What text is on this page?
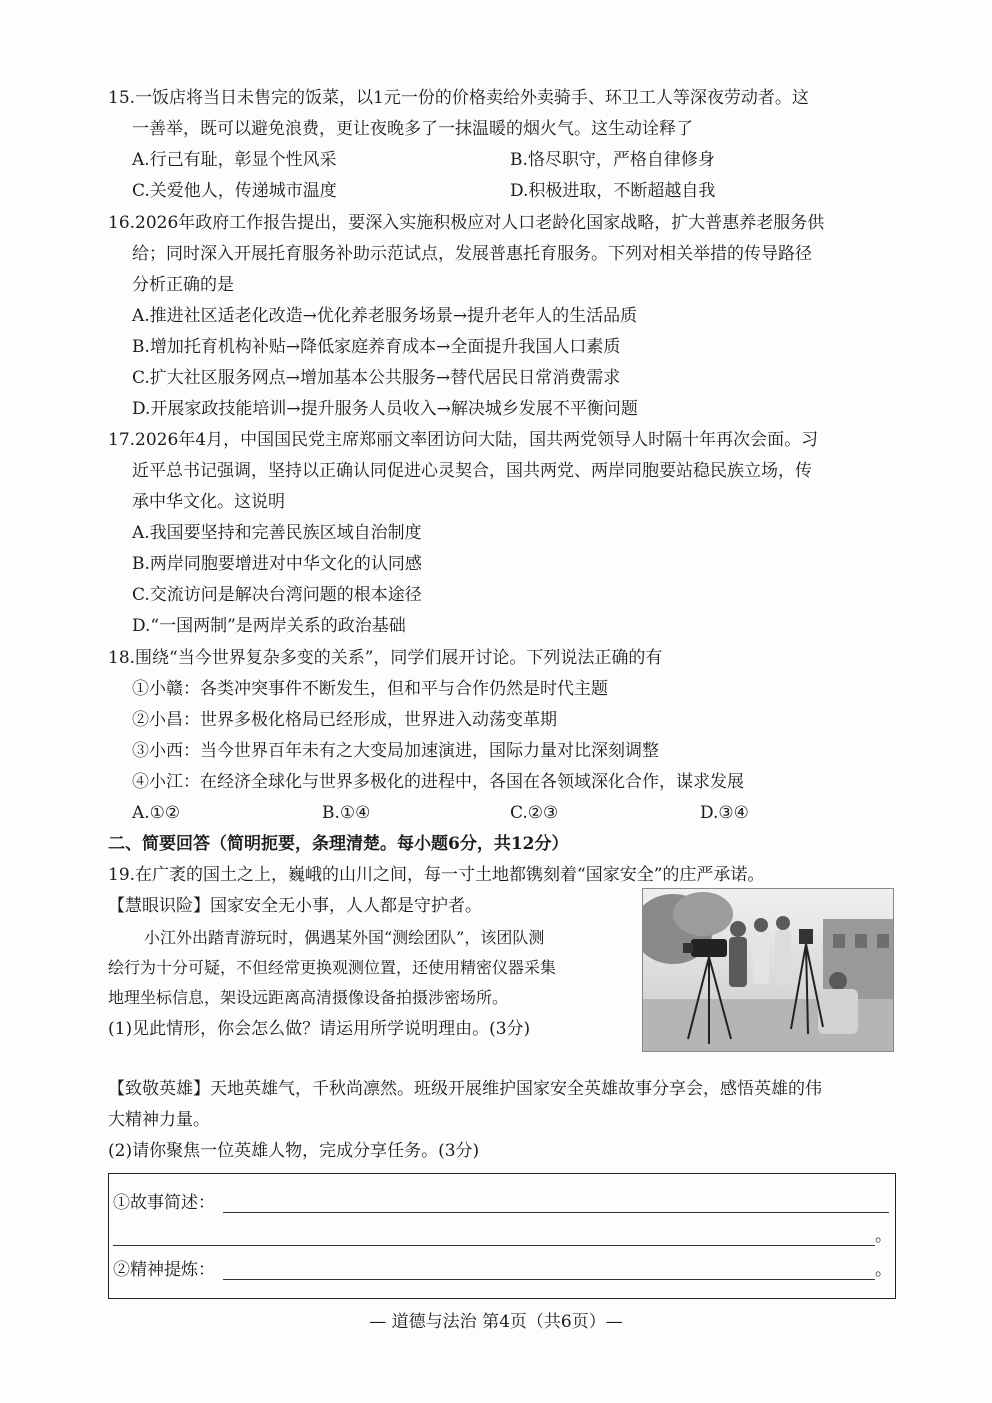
15.一饭店将当日未售完的饭菜，以1元一份的价格卖给外卖骑手、环卫工人等深夜劳动者。这
一善举，既可以避免浪费，更让夜晚多了一抹温暖的烟火气。这生动诠释了
A.行己有耻，彰显个性风采	B.恪尽职守，严格自律修身
C.关爱他人，传递城市温度	D.积极进取，不断超越自我
16.2026年政府工作报告提出，要深入实施积极应对人口老龄化国家战略，扩大普惠养老服务供
给；同时深入开展托育服务补助示范试点，发展普惠托育服务。下列对相关举措的传导路径
分析正确的是
A.推进社区适老化改造→优化养老服务场景→提升老年人的生活品质
B.增加托育机构补贴→降低家庭养育成本→全面提升我国人口素质
C.扩大社区服务网点→增加基本公共服务→替代居民日常消费需求
D.开展家政技能培训→提升服务人员收入→解决城乡发展不平衡问题
17.2026年4月，中国国民党主席郑丽文率团访问大陆，国共两党领导人时隔十年再次会面。习
近平总书记强调，坚持以正确认同促进心灵契合，国共两党、两岸同胞要站稳民族立场，传
承中华文化。这说明
A.我国要坚持和完善民族区域自治制度
B.两岸同胞要增进对中华文化的认同感
C.交流访问是解决台湾问题的根本途径
D.“一国两制”是两岸关系的政治基础
18.围绕“当今世界复杂多变的关系”，同学们展开讨论。下列说法正确的有
①小赣：各类冲突事件不断发生，但和平与合作仍然是时代主题
②小昌：世界多极化格局已经形成，世界进入动荡变革期
③小西：当今世界百年未有之大变局加速演进，国际力量对比深刻调整
④小江：在经济全球化与世界多极化的进程中，各国在各领域深化合作，谋求发展
A.①②	B.①④	C.②③	D.③④
二、简要回答（简明扼要，条理清楚。每小题6分，共12分）
19.在广袤的国土之上，巍峨的山川之间，每一寸土地都镌刻着“国家安全”的庄严承诺。
【慧眼识险】国家安全无小事，人人都是守护者。
小江外出踏青游玩时，偶遇某外国“测绘团队”，该团队测
绘行为十分可疑，不但经常更换观测位置，还使用精密仪器采集
地理坐标信息，架设远距离高清摄像设备拍摄涉密场所。
(1)见此情形，你会怎么做？请运用所学说明理由。(3分)
【致敬英雄】天地英雄气，千秋尚凛然。班级开展维护国家安全英雄故事分享会，感悟英雄的伟
大精神力量。
(2)请你聚焦一位英雄人物，完成分享任务。(3分)
①故事简述：
。
②精神提炼：	。
— 道德与法治 第4页（共6页）—
